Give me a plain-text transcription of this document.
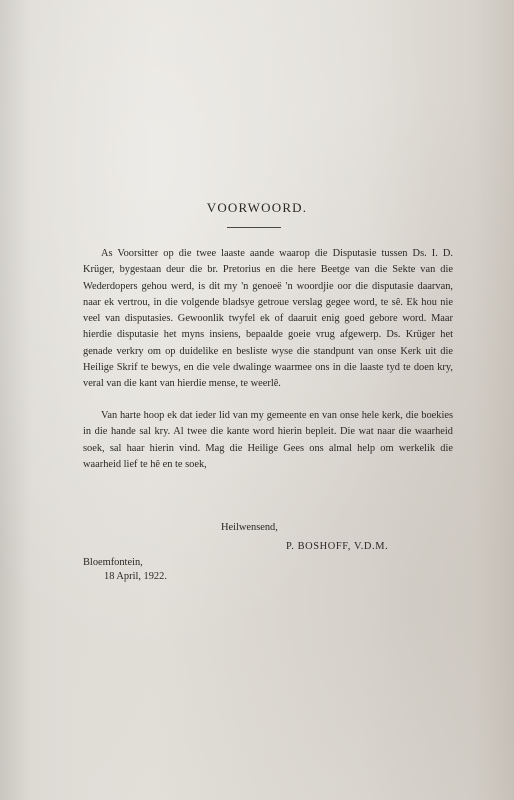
VOORWOORD.

As Voorsitter op die twee laaste aande waarop die Disputasie tussen Ds. I. D. Krüger, bygestaan deur die br. Pretorius en die here Beetge van die Sekte van die Wederdopers gehou werd, is dit my 'n genoeë 'n woordjie oor die disputasie daarvan, naar ek vertrou, in die volgende bladsye getroue verslag gegee word, te sê. Ek hou nie veel van disputasies. Gewoonlik twyfel ek of daaruit enig goed gebore word. Maar hierdie disputasie het myns insiens, bepaalde goeie vrug afgewerp. Ds. Krüger het genade verkry om op duidelike en besliste wyse die standpunt van onse Kerk uit die Heilige Skrif te bewys, en die vele dwalinge waarmee ons in die laaste tyd te doen kry, veral van die kant van hierdie mense, te weerlê.

Van harte hoop ek dat ieder lid van my gemeente en van onse hele kerk, die boekies in die hande sal kry. Al twee die kante word hierin bepleit. Die wat naar die waarheid soek, sal haar hierin vind. Mag die Heilige Gees ons almal help om werkelik die waarheid lief te hê en te soek,

Heilwensend,
P. BOSHOFF, V.D.M.
Bloemfontein,
18 April, 1922.
